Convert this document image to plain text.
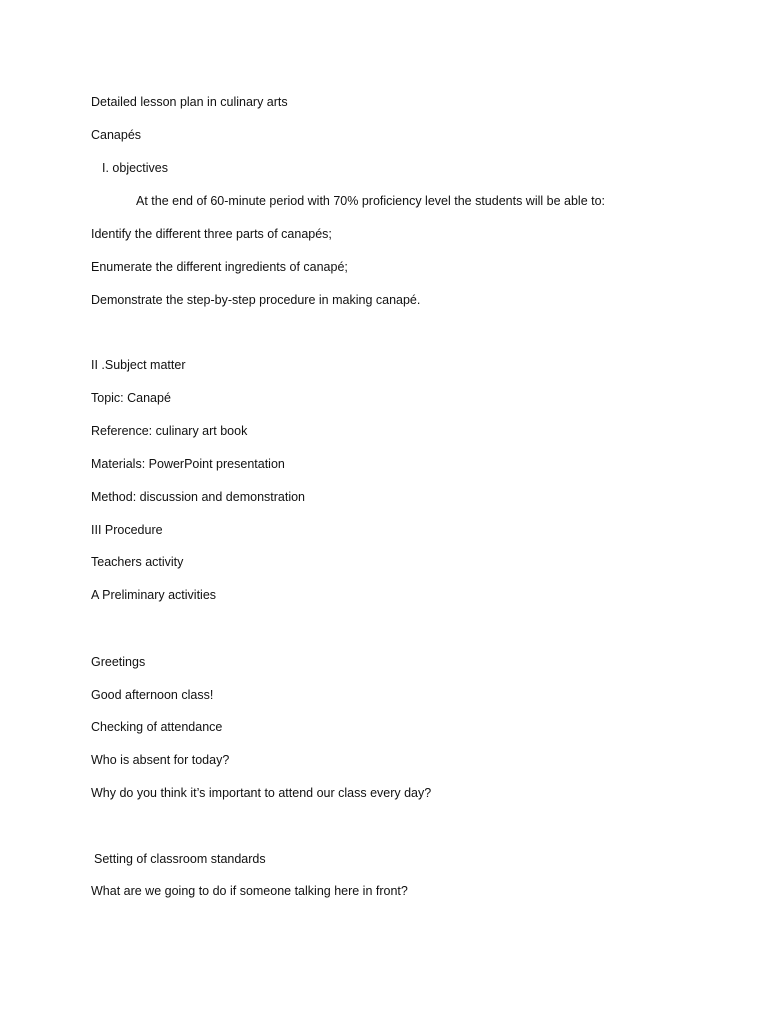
Detailed lesson plan in culinary arts
Canapés
I. objectives
At the end of 60-minute period with 70% proficiency level the students will be able to:
Identify the different three parts of canapés;
Enumerate the different ingredients of canapé;
Demonstrate the step-by-step procedure in making canapé.
II .Subject matter
Topic: Canapé
Reference: culinary art book
Materials: PowerPoint presentation
Method: discussion and demonstration
III Procedure
Teachers activity
A Preliminary activities
Greetings
Good afternoon class!
Checking of attendance
Who is absent for today?
Why do you think it’s important to attend our class every day?
Setting of classroom standards
What are we going to do if someone talking here in front?
